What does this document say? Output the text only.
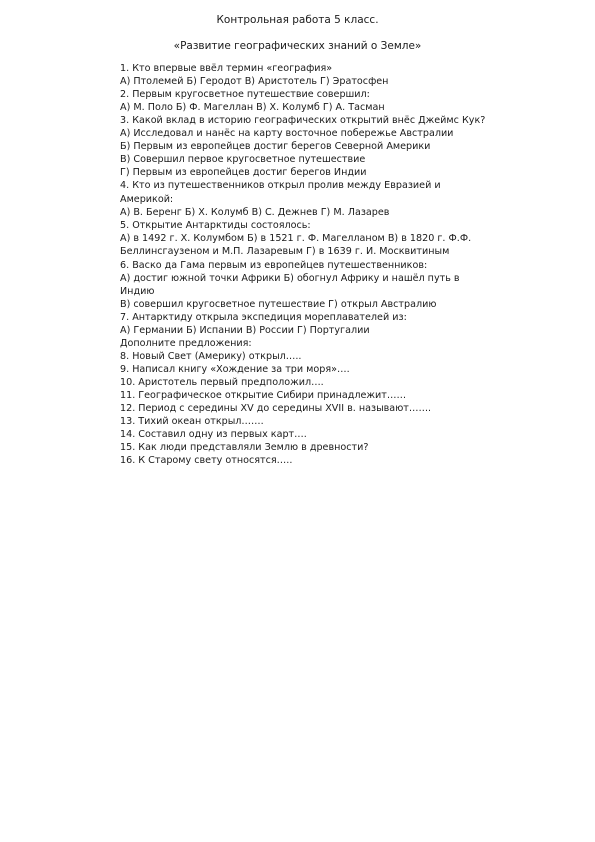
Контрольная работа 5 класс.
«Развитие географических знаний о Земле»
1. Кто впервые ввёл термин «география»
А) Птолемей Б) Геродот В) Аристотель Г) Эратосфен
2. Первым кругосветное путешествие совершил:
А) М. Поло Б) Ф. Магеллан В) Х. Колумб Г) А. Тасман
3. Какой вклад в историю географических открытий внёс Джеймс Кук?
А) Исследовал и нанёс на карту восточное побережье Австралии
Б) Первым из европейцев достиг берегов Северной Америки
В) Совершил первое кругосветное путешествие
Г) Первым из европейцев достиг берегов Индии
4. Кто из путешественников открыл пролив между Евразией и
Америкой:
А) В. Беренг Б) Х. Колумб В) С. Дежнев Г) М. Лазарев
5. Открытие Антарктиды состоялось:
А) в 1492 г. Х. Колумбом Б) в 1521 г. Ф. Магелланом В) в 1820 г. Ф.Ф.
Беллинсгаузеном и М.П. Лазаревым Г) в 1639 г. И. Москвитиным
6. Васко да Гама первым из европейцев путешественников:
А) достиг южной точки Африки Б) обогнул Африку и нашёл путь в
Индию
В) совершил кругосветное путешествие Г) открыл Австралию
7. Антарктиду открыла экспедиция мореплавателей из:
А) Германии Б) Испании В) России Г) Португалии
Дополните предложения:
8. Новый Свет (Америку) открыл…..
9. Написал книгу «Хождение за три моря»….
10. Аристотель первый предположил….
11. Географическое открытие Сибири принадлежит……
12. Период с середины XV до середины XVII в. называют…….
13. Тихий океан открыл…….
14. Составил одну из первых карт….
15. Как люди представляли Землю в древности?
16. К Старому свету относятся…..
